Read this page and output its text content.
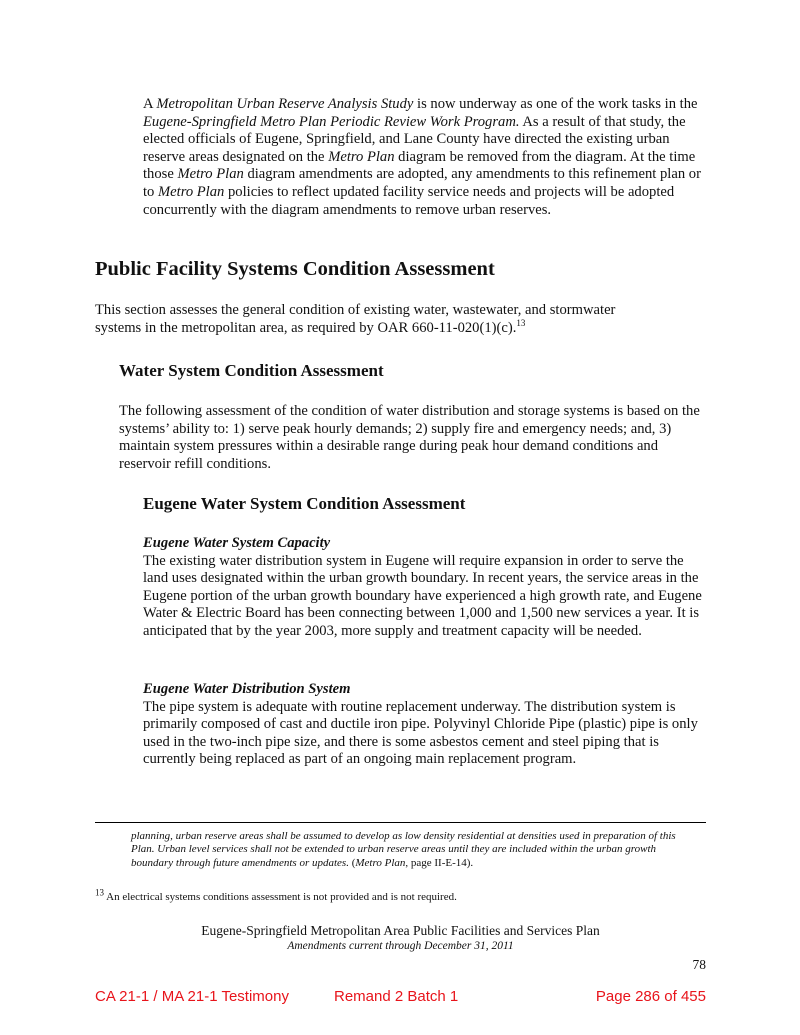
A Metropolitan Urban Reserve Analysis Study is now underway as one of the work tasks in the Eugene-Springfield Metro Plan Periodic Review Work Program. As a result of that study, the elected officials of Eugene, Springfield, and Lane County have directed the existing urban reserve areas designated on the Metro Plan diagram be removed from the diagram. At the time those Metro Plan diagram amendments are adopted, any amendments to this refinement plan or to Metro Plan policies to reflect updated facility service needs and projects will be adopted concurrently with the diagram amendments to remove urban reserves.

Public Facility Systems Condition Assessment

This section assesses the general condition of existing water, wastewater, and stormwater systems in the metropolitan area, as required by OAR 660-11-020(1)(c).$^{13}$

Water System Condition Assessment

The following assessment of the condition of water distribution and storage systems is based on the systems’ ability to: 1) serve peak hourly demands; 2) supply fire and emergency needs; and, 3) maintain system pressures within a desirable range during peak hour demand conditions and reservoir refill conditions.

Eugene Water System Condition Assessment

Eugene Water System Capacity
The existing water distribution system in Eugene will require expansion in order to serve the land uses designated within the urban growth boundary. In recent years, the service areas in the Eugene portion of the urban growth boundary have experienced a high growth rate, and Eugene Water & Electric Board has been connecting between 1,000 and 1,500 new services a year. It is anticipated that by the year 2003, more supply and treatment capacity will be needed.

Eugene Water Distribution System
The pipe system is adequate with routine replacement underway. The distribution system is primarily composed of cast and ductile iron pipe. Polyvinyl Chloride Pipe (plastic) pipe is only used in the two-inch pipe size, and there is some asbestos cement and steel piping that is currently being replaced as part of an ongoing main replacement program.

planning, urban reserve areas shall be assumed to develop as low density residential at densities used in preparation of this Plan. Urban level services shall not be extended to urban reserve areas until they are included within the urban growth boundary through future amendments or updates. (Metro Plan, page II-E-14).

$^{13}$ An electrical systems conditions assessment is not provided and is not required.

Eugene-Springfield Metropolitan Area Public Facilities and Services Plan
Amendments current through December 31, 2011
78
CA 21-1 / MA 21-1 Testimony	Remand 2 Batch 1	Page 286 of 455
